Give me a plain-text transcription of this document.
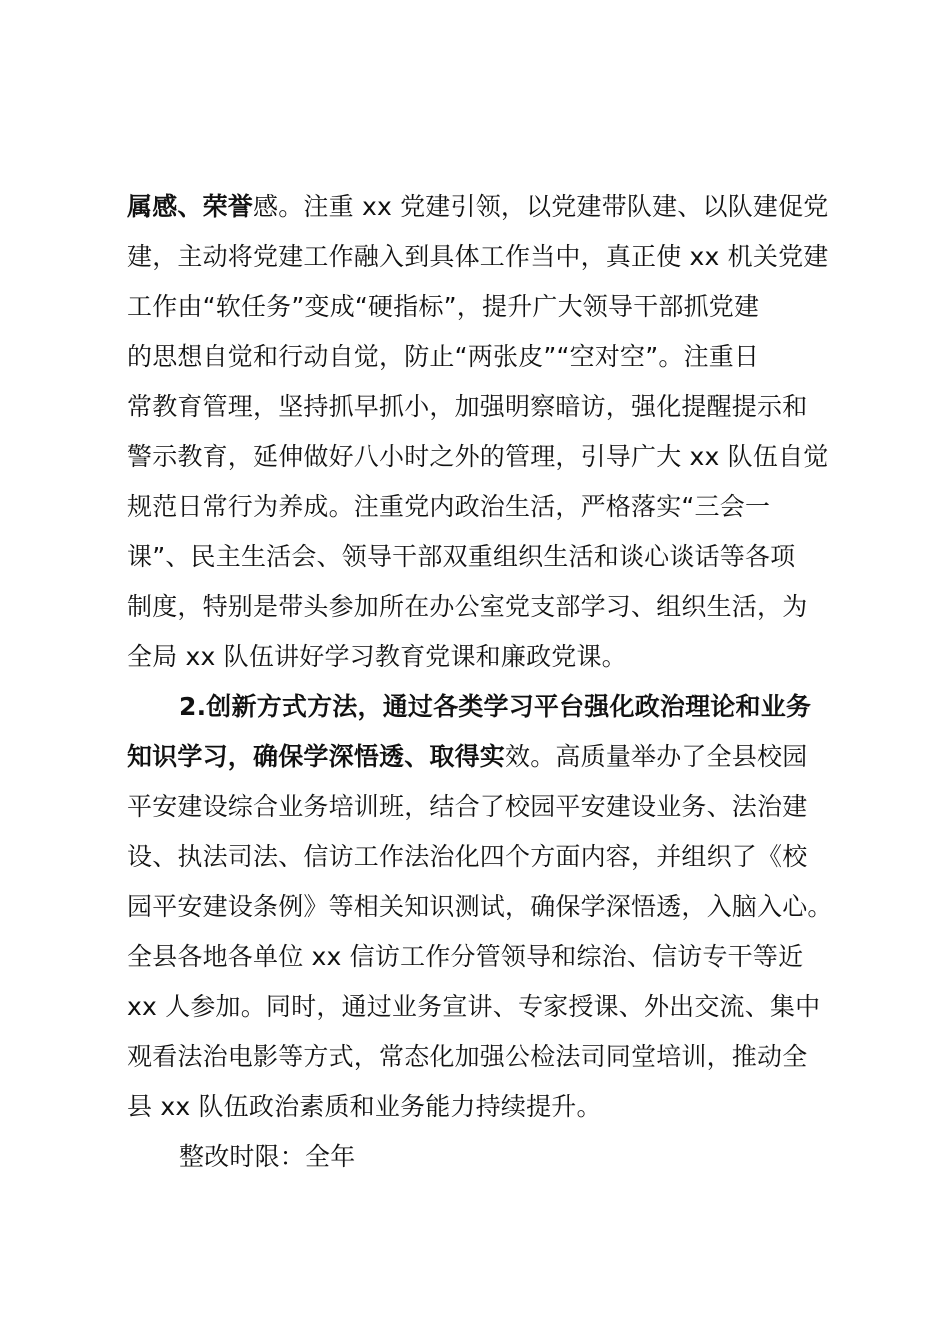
属感、荣誉感。注重 xx 党建引领，以党建带队建、以队建促党
建，主动将党建工作融入到具体工作当中，真正使 xx 机关党建
工作由“软任务”变成“硬指标”，提升广大领导干部抓党建
的思想自觉和行动自觉，防止“两张皮”“空对空”。注重日
常教育管理，坚持抓早抓小，加强明察暗访，强化提醒提示和
警示教育，延伸做好八小时之外的管理，引导广大 xx 队伍自觉
规范日常行为养成。注重党内政治生活，严格落实“三会一
课”、民主生活会、领导干部双重组织生活和谈心谈话等各项
制度，特别是带头参加所在办公室党支部学习、组织生活，为
全局 xx 队伍讲好学习教育党课和廉政党课。
2.创新方式方法，通过各类学习平台强化政治理论和业务
知识学习，确保学深悟透、取得实效。高质量举办了全县校园
平安建设综合业务培训班，结合了校园平安建设业务、法治建
设、执法司法、信访工作法治化四个方面内容，并组织了《校
园平安建设条例》等相关知识测试，确保学深悟透，入脑入心。
全县各地各单位 xx 信访工作分管领导和综治、信访专干等近
xx 人参加。同时，通过业务宣讲、专家授课、外出交流、集中
观看法治电影等方式，常态化加强公检法司同堂培训，推动全
县 xx 队伍政治素质和业务能力持续提升。
整改时限：全年
